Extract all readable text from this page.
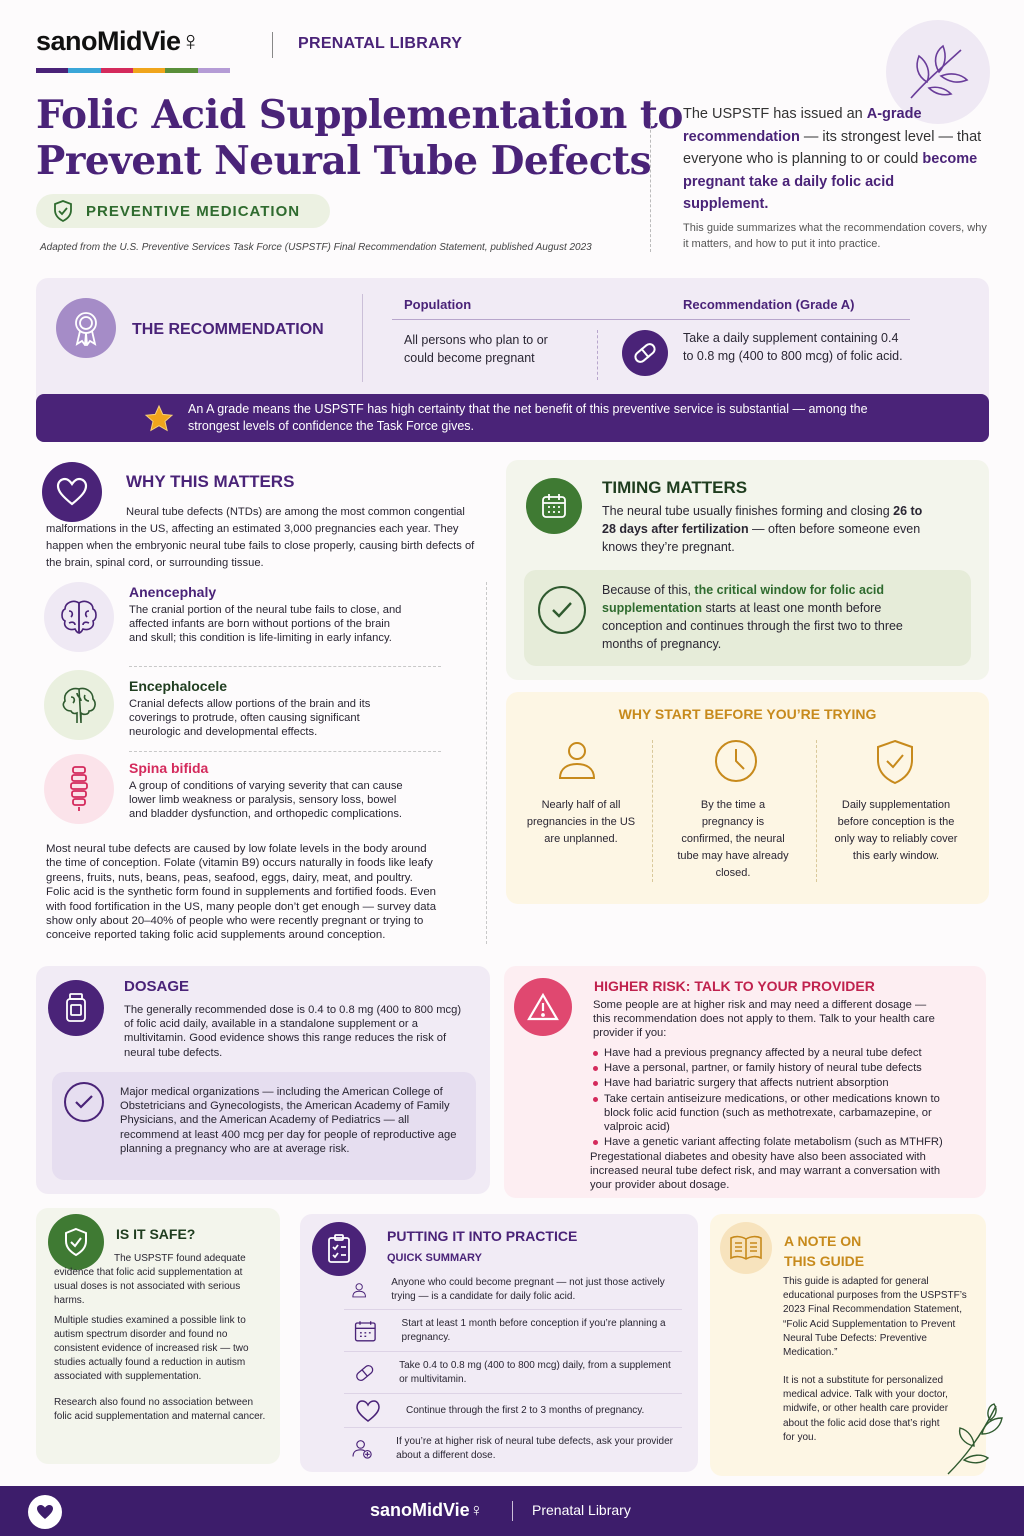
sanoMidVie♀	PRENATAL LIBRARY
Folic Acid Supplementation to
Prevent Neural Tube Defects
PREVENTIVE MEDICATION
Adapted from the U.S. Preventive Services Task Force (USPSTF) Final Recommendation Statement, published August 2023
The USPSTF has issued an A-grade recommendation — its strongest level — that everyone who is planning to or could become pregnant take a daily folic acid supplement.
This guide summarizes what the recommendation covers, why it matters, and how to put it into practice.
THE RECOMMENDATION
Population	Recommendation (Grade A)
All persons who plan to or could become pregnant
Take a daily supplement containing 0.4 to 0.8 mg (400 to 800 mcg) of folic acid.
An A grade means the USPSTF has high certainty that the net benefit of this preventive service is substantial — among the strongest levels of confidence the Task Force gives.
WHY THIS MATTERS
Neural tube defects (NTDs) are among the most common congential malformations in the US, affecting an estimated 3,000 pregnancies each year. They happen when the embryonic neural tube fails to close properly, causing birth defects of the brain, spinal cord, or surrounding tissue.
Anencephaly
The cranial portion of the neural tube fails to close, and affected infants are born without portions of the brain and skull; this condition is life-limiting in early infancy.
Encephalocele
Cranial defects allow portions of the brain and its coverings to protrude, often causing significant neurologic and developmental effects.
Spina bifida
A group of conditions of varying severity that can cause lower limb weakness or paralysis, sensory loss, bowel and bladder dysfunction, and orthopedic complications.
Most neural tube defects are caused by low folate levels in the body around the time of conception. Folate (vitamin B9) occurs naturally in foods like leafy greens, fruits, nuts, beans, peas, seafood, eggs, dairy, meat, and poultry. Folic acid is the synthetic form found in supplements and fortified foods. Even with food fortification in the US, many people don’t get enough — survey data show only about 20–40% of people who were recently pregnant or trying to conceive reported taking folic acid supplements around conception.
TIMING MATTERS
The neural tube usually finishes forming and closing 26 to 28 days after fertilization — often before someone even knows they’re pregnant.
Because of this, the critical window for folic acid supplementation starts at least one month before conception and continues through the first two to three months of pregnancy.
WHY START BEFORE YOU’RE TRYING
Nearly half of all pregnancies in the US are unplanned.
By the time a pregnancy is confirmed, the neural tube may have already closed.
Daily supplementation before conception is the only way to reliably cover this early window.
DOSAGE
The generally recommended dose is 0.4 to 0.8 mg (400 to 800 mcg) of folic acid daily, available in a standalone supplement or a multivitamin. Good evidence shows this range reduces the risk of neural tube defects.
Major medical organizations — including the American College of Obstetricians and Gynecologists, the American Academy of Family Physicians, and the American Academy of Pediatrics — all recommend at least 400 mcg per day for people of reproductive age planning a pregnancy who are at average risk.
HIGHER RISK: TALK TO YOUR PROVIDER
Some people are at higher risk and may need a different dosage — this recommendation does not apply to them. Talk to your health care provider if you:
Have had a previous pregnancy affected by a neural tube defect
Have a personal, partner, or family history of neural tube defects
Have had bariatric surgery that affects nutrient absorption
Take certain antiseizure medications, or other medications known to block folic acid function (such as methotrexate, carbamazepine, or valproic acid)
Have a genetic variant affecting folate metabolism (such as MTHFR)
Pregestational diabetes and obesity have also been associated with increased neural tube defect risk, and may warrant a conversation with your provider about dosage.
IS IT SAFE?
The USPSTF found adequate evidence that folic acid supplementation at usual doses is not associated with serious harms.
Multiple studies examined a possible link to autism spectrum disorder and found no consistent evidence of increased risk — two studies actually found a reduction in autism associated with supplementation.
Research also found no association between folic acid supplementation and maternal cancer.
PUTTING IT INTO PRACTICE
QUICK SUMMARY
Anyone who could become pregnant — not just those actively trying — is a candidate for daily folic acid.
Start at least 1 month before conception if you’re planning a pregnancy.
Take 0.4 to 0.8 mg (400 to 800 mcg) daily, from a supplement or multivitamin.
Continue through the first 2 to 3 months of pregnancy.
If you’re at higher risk of neural tube defects, ask your provider about a different dose.
A NOTE ON
THIS GUIDE
This guide is adapted for general educational purposes from the USPSTF’s 2023 Final Recommendation Statement, “Folic Acid Supplementation to Prevent Neural Tube Defects: Preventive Medication.”
It is not a substitute for personalized medical advice. Talk with your doctor, midwife, or other health care provider about the folic acid dose that’s right for you.
sanoMidVie♀	Prenatal Library
